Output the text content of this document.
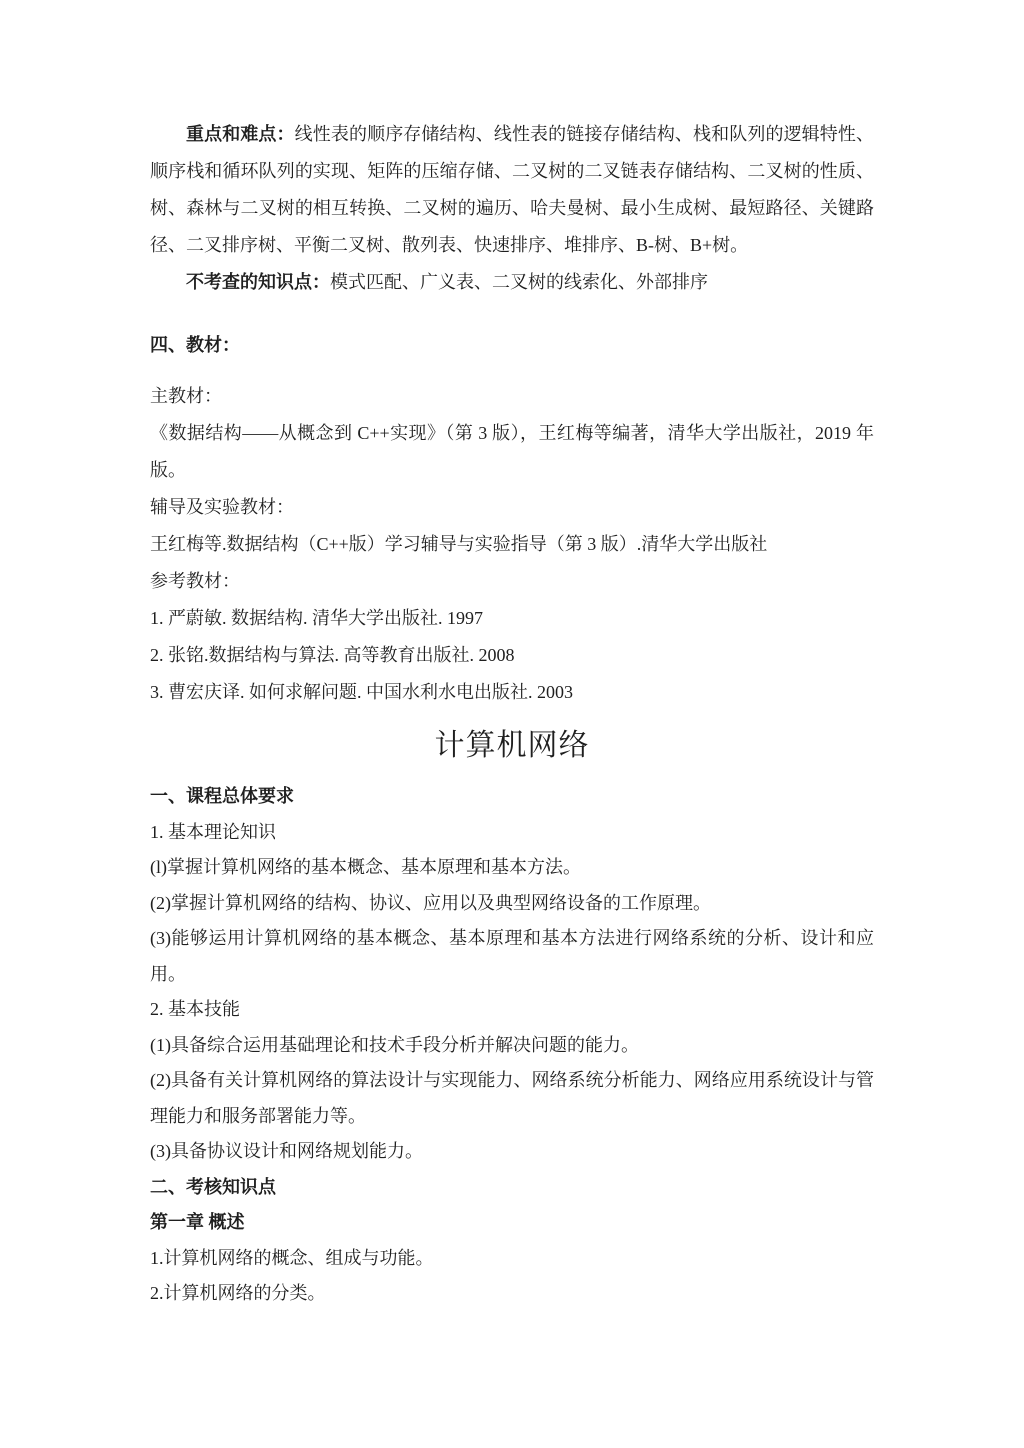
重点和难点：线性表的顺序存储结构、线性表的链接存储结构、栈和队列的逻辑特性、顺序栈和循环队列的实现、矩阵的压缩存储、二叉树的二叉链表存储结构、二叉树的性质、树、森林与二叉树的相互转换、二叉树的遍历、哈夫曼树、最小生成树、最短路径、关键路径、二叉排序树、平衡二叉树、散列表、快速排序、堆排序、B-树、B+树。

不考查的知识点：模式匹配、广义表、二叉树的线索化、外部排序

四、教材：

主教材：

《数据结构——从概念到 C++实现》（第 3 版），王红梅等编著，清华大学出版社，2019 年版。

辅导及实验教材：

王红梅等.数据结构（C++版）学习辅导与实验指导（第 3 版）.清华大学出版社

参考教材：

1. 严蔚敏. 数据结构. 清华大学出版社. 1997

2. 张铭.数据结构与算法. 高等教育出版社. 2008

3. 曹宏庆译. 如何求解问题. 中国水利水电出版社. 2003

计算机网络

一、课程总体要求

1. 基本理论知识

(l)掌握计算机网络的基本概念、基本原理和基本方法。

(2)掌握计算机网络的结构、协议、应用以及典型网络设备的工作原理。

(3)能够运用计算机网络的基本概念、基本原理和基本方法进行网络系统的分析、设计和应用。

2. 基本技能

(1)具备综合运用基础理论和技术手段分析并解决问题的能力。

(2)具备有关计算机网络的算法设计与实现能力、网络系统分析能力、网络应用系统设计与管理能力和服务部署能力等。

(3)具备协议设计和网络规划能力。

二、考核知识点

第一章 概述

1.计算机网络的概念、组成与功能。

2.计算机网络的分类。
